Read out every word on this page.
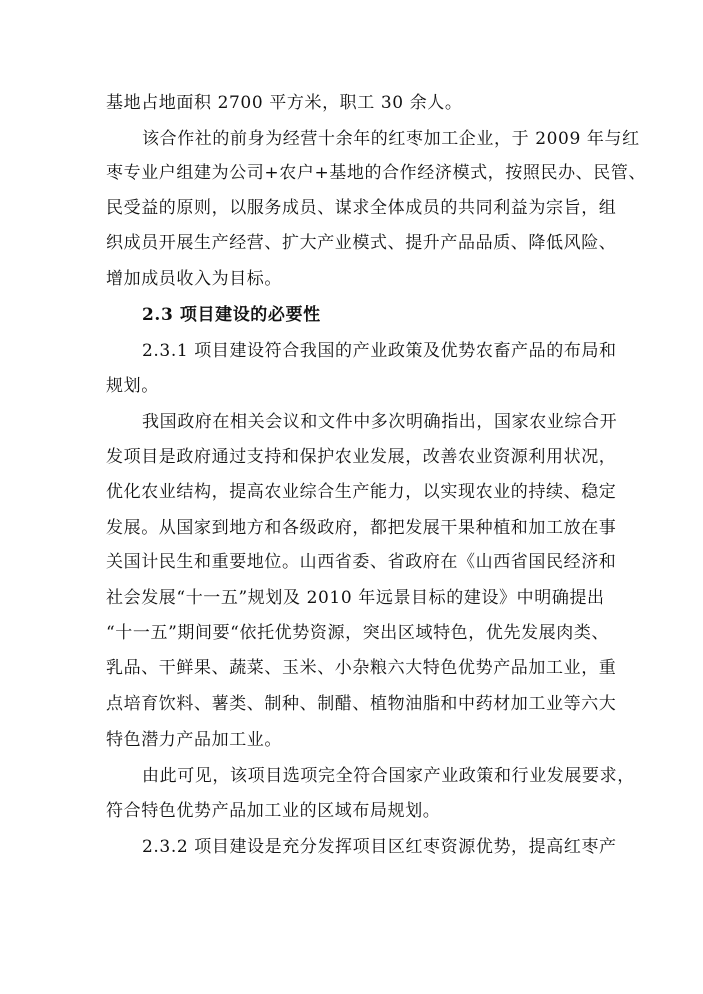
基地占地面积 2700 平方米，职工 30 余人。
该合作社的前身为经营十余年的红枣加工企业，于 2009 年与红
枣专业户组建为公司+农户+基地的合作经济模式，按照民办、民管、
民受益的原则，以服务成员、谋求全体成员的共同利益为宗旨，组
织成员开展生产经营、扩大产业模式、提升产品品质、降低风险、
增加成员收入为目标。
2.3 项目建设的必要性
2.3.1 项目建设符合我国的产业政策及优势农畜产品的布局和
规划。
我国政府在相关会议和文件中多次明确指出，国家农业综合开
发项目是政府通过支持和保护农业发展，改善农业资源利用状况，
优化农业结构，提高农业综合生产能力，以实现农业的持续、稳定
发展。从国家到地方和各级政府，都把发展干果种植和加工放在事
关国计民生和重要地位。山西省委、省政府在《山西省国民经济和
社会发展“十一五”规划及 2010 年远景目标的建设》中明确提出
“十一五”期间要“依托优势资源，突出区域特色，优先发展肉类、
乳品、干鲜果、蔬菜、玉米、小杂粮六大特色优势产品加工业，重
点培育饮料、薯类、制种、制醋、植物油脂和中药材加工业等六大
特色潜力产品加工业。
由此可见，该项目选项完全符合国家产业政策和行业发展要求，
符合特色优势产品加工业的区域布局规划。
2.3.2 项目建设是充分发挥项目区红枣资源优势，提高红枣产
